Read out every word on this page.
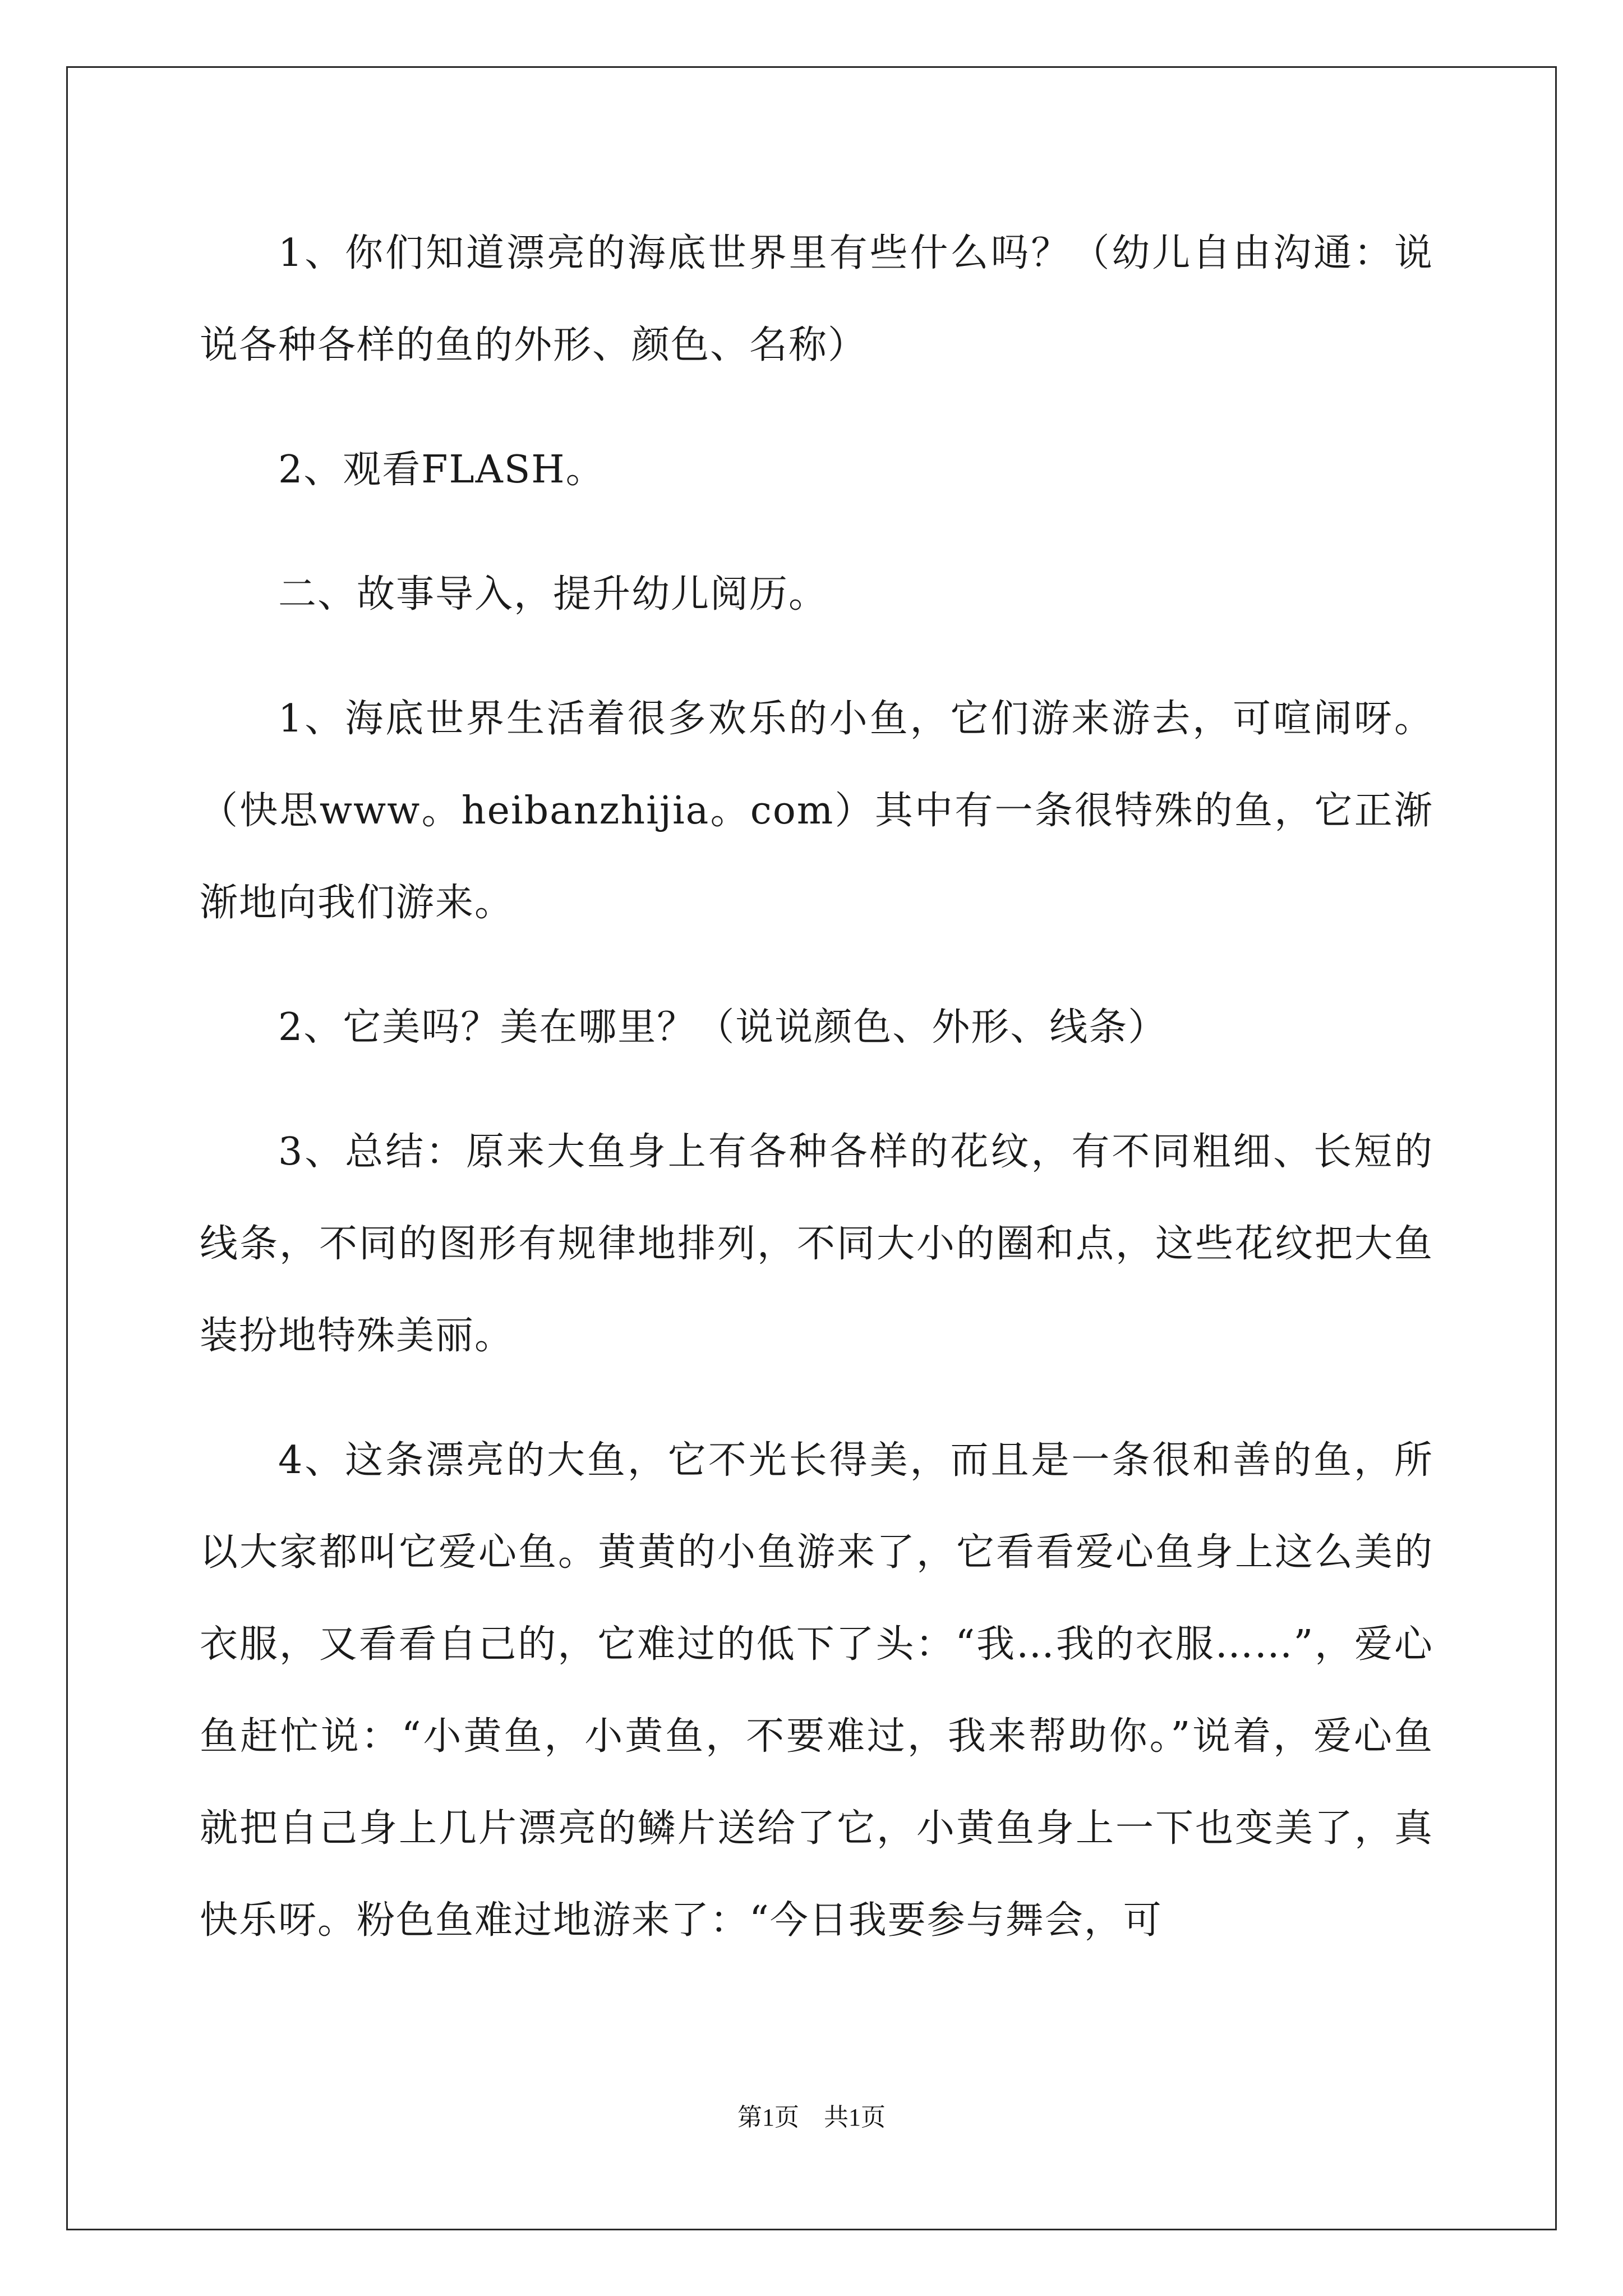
1、你们知道漂亮的海底世界里有些什么吗？（幼儿自由沟通：说说各种各样的鱼的外形、颜色、名称）

2、观看FLASH。

二、故事导入，提升幼儿阅历。

1、海底世界生活着很多欢乐的小鱼，它们游来游去，可喧闹呀。（快思www。heibanzhijia。com）其中有一条很特殊的鱼，它正渐渐地向我们游来。

2、它美吗？美在哪里？（说说颜色、外形、线条）

3、总结：原来大鱼身上有各种各样的花纹，有不同粗细、长短的线条，不同的图形有规律地排列，不同大小的圈和点，这些花纹把大鱼装扮地特殊美丽。

4、这条漂亮的大鱼，它不光长得美，而且是一条很和善的鱼，所以大家都叫它爱心鱼。黄黄的小鱼游来了，它看看爱心鱼身上这么美的衣服，又看看自己的，它难过的低下了头：“我…我的衣服……”，爱心鱼赶忙说：“小黄鱼，小黄鱼，不要难过，我来帮助你。”说着，爱心鱼就把自己身上几片漂亮的鳞片送给了它，小黄鱼身上一下也变美了，真快乐呀。粉色鱼难过地游来了：“今日我要参与舞会，可

第1页　共1页
